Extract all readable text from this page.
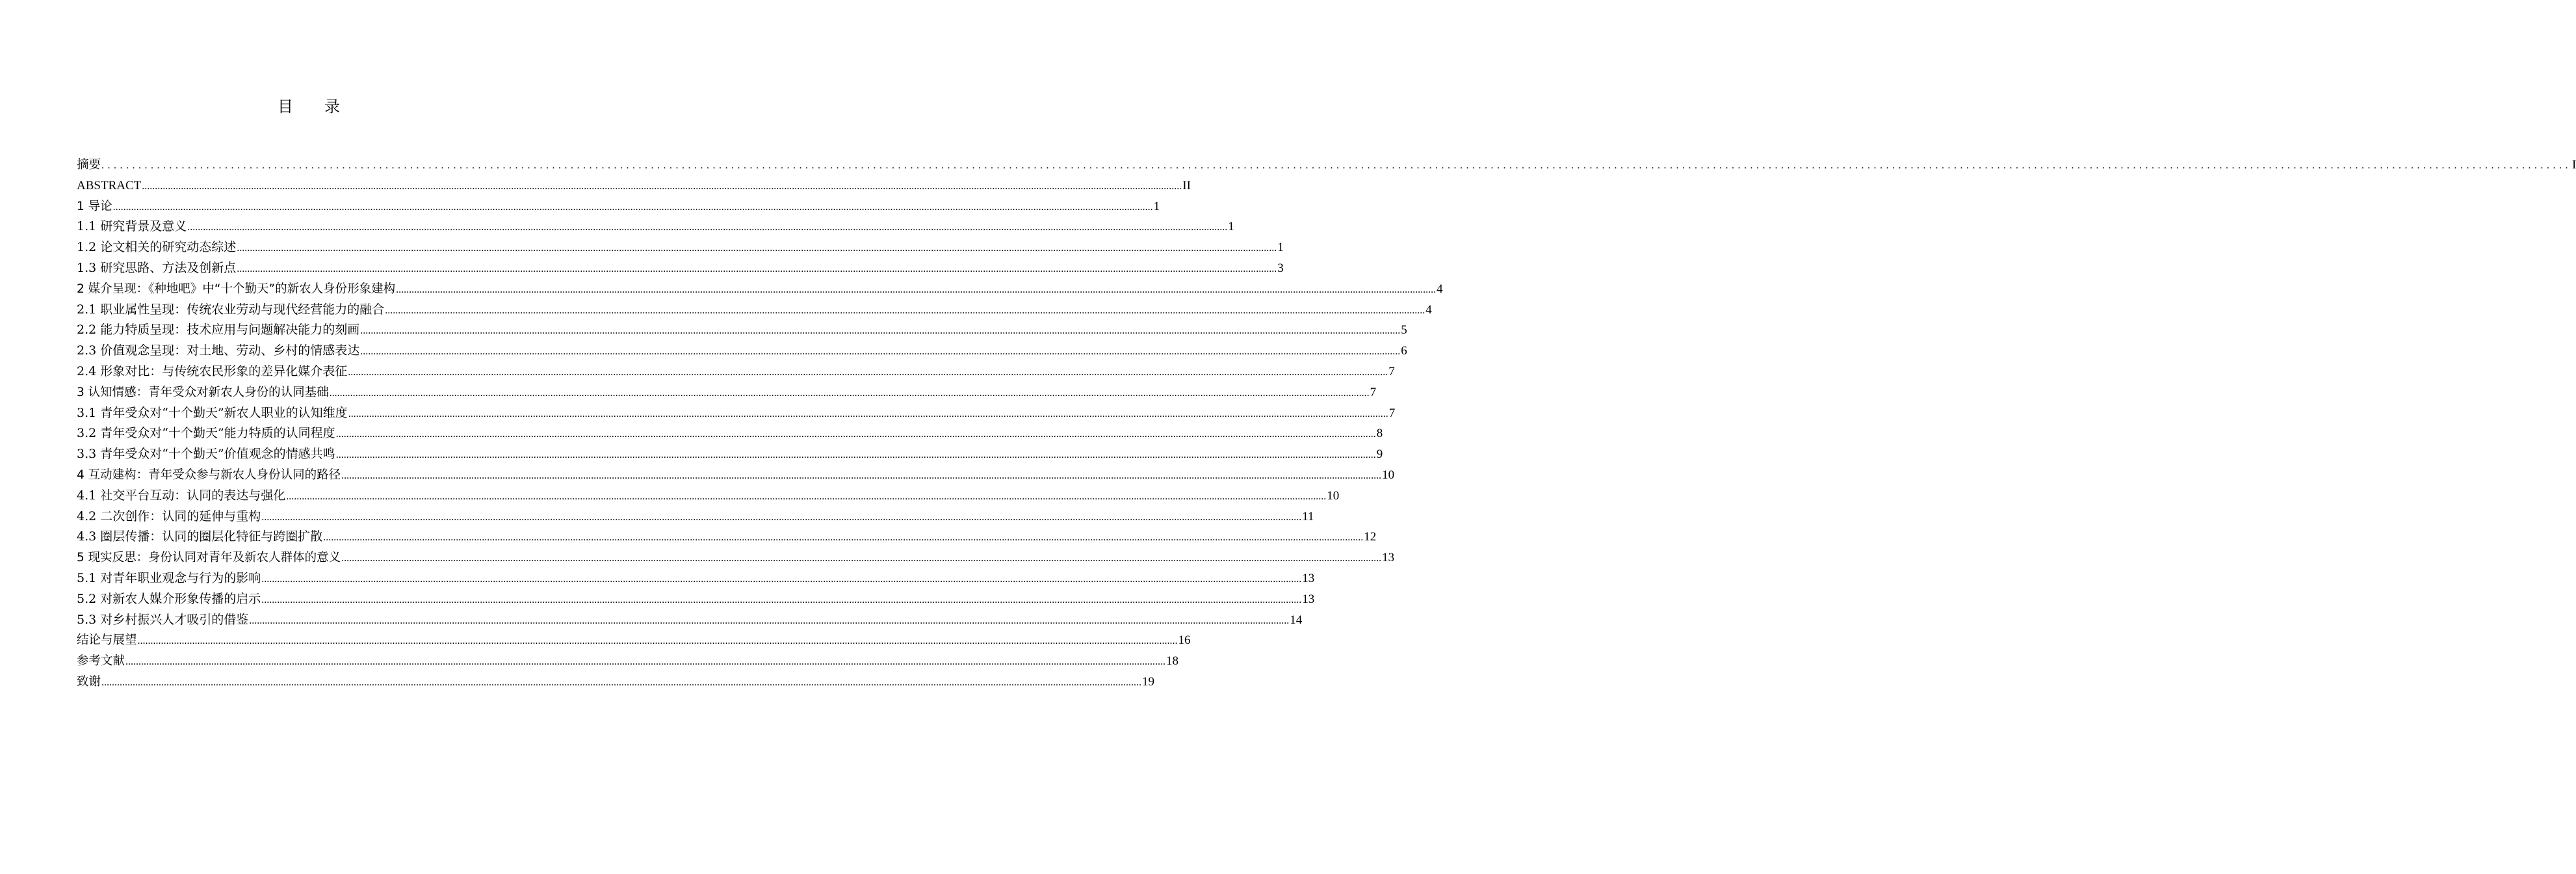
目 录
摘要 ................................................................................................................................................................................................................................................................................................................................................................................................................ I
ABSTRACT ................................................................................................................................................................................................................................................................................................................................................................................................................ II
1 导论 ................................................................................................................................................................................................................................................................................................................................................................................................................ 1
1.1 研究背景及意义 ................................................................................................................................................................................................................................................................................................................................................................................................................ 1
1.2 论文相关的研究动态综述 ................................................................................................................................................................................................................................................................................................................................................................................................................ 1
1.3 研究思路、方法及创新点 ................................................................................................................................................................................................................................................................................................................................................................................................................ 3
2 媒介呈现：《种地吧》中“十个勤天”的新农人身份形象建构 ................................................................................................................................................................................................................................................................................................................................................................................................................ 4
2.1 职业属性呈现：传统农业劳动与现代经营能力的融合 ................................................................................................................................................................................................................................................................................................................................................................................................................ 4
2.2 能力特质呈现：技术应用与问题解决能力的刻画 ................................................................................................................................................................................................................................................................................................................................................................................................................ 5
2.3 价值观念呈现：对土地、劳动、乡村的情感表达 ................................................................................................................................................................................................................................................................................................................................................................................................................ 6
2.4 形象对比：与传统农民形象的差异化媒介表征 ................................................................................................................................................................................................................................................................................................................................................................................................................ 7
3 认知情感：青年受众对新农人身份的认同基础 ................................................................................................................................................................................................................................................................................................................................................................................................................ 7
3.1 青年受众对“十个勤天”新农人职业的认知维度 ................................................................................................................................................................................................................................................................................................................................................................................................................ 7
3.2 青年受众对“十个勤天”能力特质的认同程度 ................................................................................................................................................................................................................................................................................................................................................................................................................ 8
3.3 青年受众对“十个勤天”价值观念的情感共鸣 ................................................................................................................................................................................................................................................................................................................................................................................................................ 9
4 互动建构：青年受众参与新农人身份认同的路径 ................................................................................................................................................................................................................................................................................................................................................................................................................ 10
4.1 社交平台互动：认同的表达与强化 ................................................................................................................................................................................................................................................................................................................................................................................................................ 10
4.2 二次创作：认同的延伸与重构 ................................................................................................................................................................................................................................................................................................................................................................................................................ 11
4.3 圈层传播：认同的圈层化特征与跨圈扩散 ................................................................................................................................................................................................................................................................................................................................................................................................................ 12
5 现实反思：身份认同对青年及新农人群体的意义 ................................................................................................................................................................................................................................................................................................................................................................................................................ 13
5.1 对青年职业观念与行为的影响 ................................................................................................................................................................................................................................................................................................................................................................................................................ 13
5.2 对新农人媒介形象传播的启示 ................................................................................................................................................................................................................................................................................................................................................................................................................ 13
5.3 对乡村振兴人才吸引的借鉴 ................................................................................................................................................................................................................................................................................................................................................................................................................ 14
结论与展望 ................................................................................................................................................................................................................................................................................................................................................................................................................ 16
参考文献 ................................................................................................................................................................................................................................................................................................................................................................................................................ 18
致谢 ................................................................................................................................................................................................................................................................................................................................................................................................................ 19
